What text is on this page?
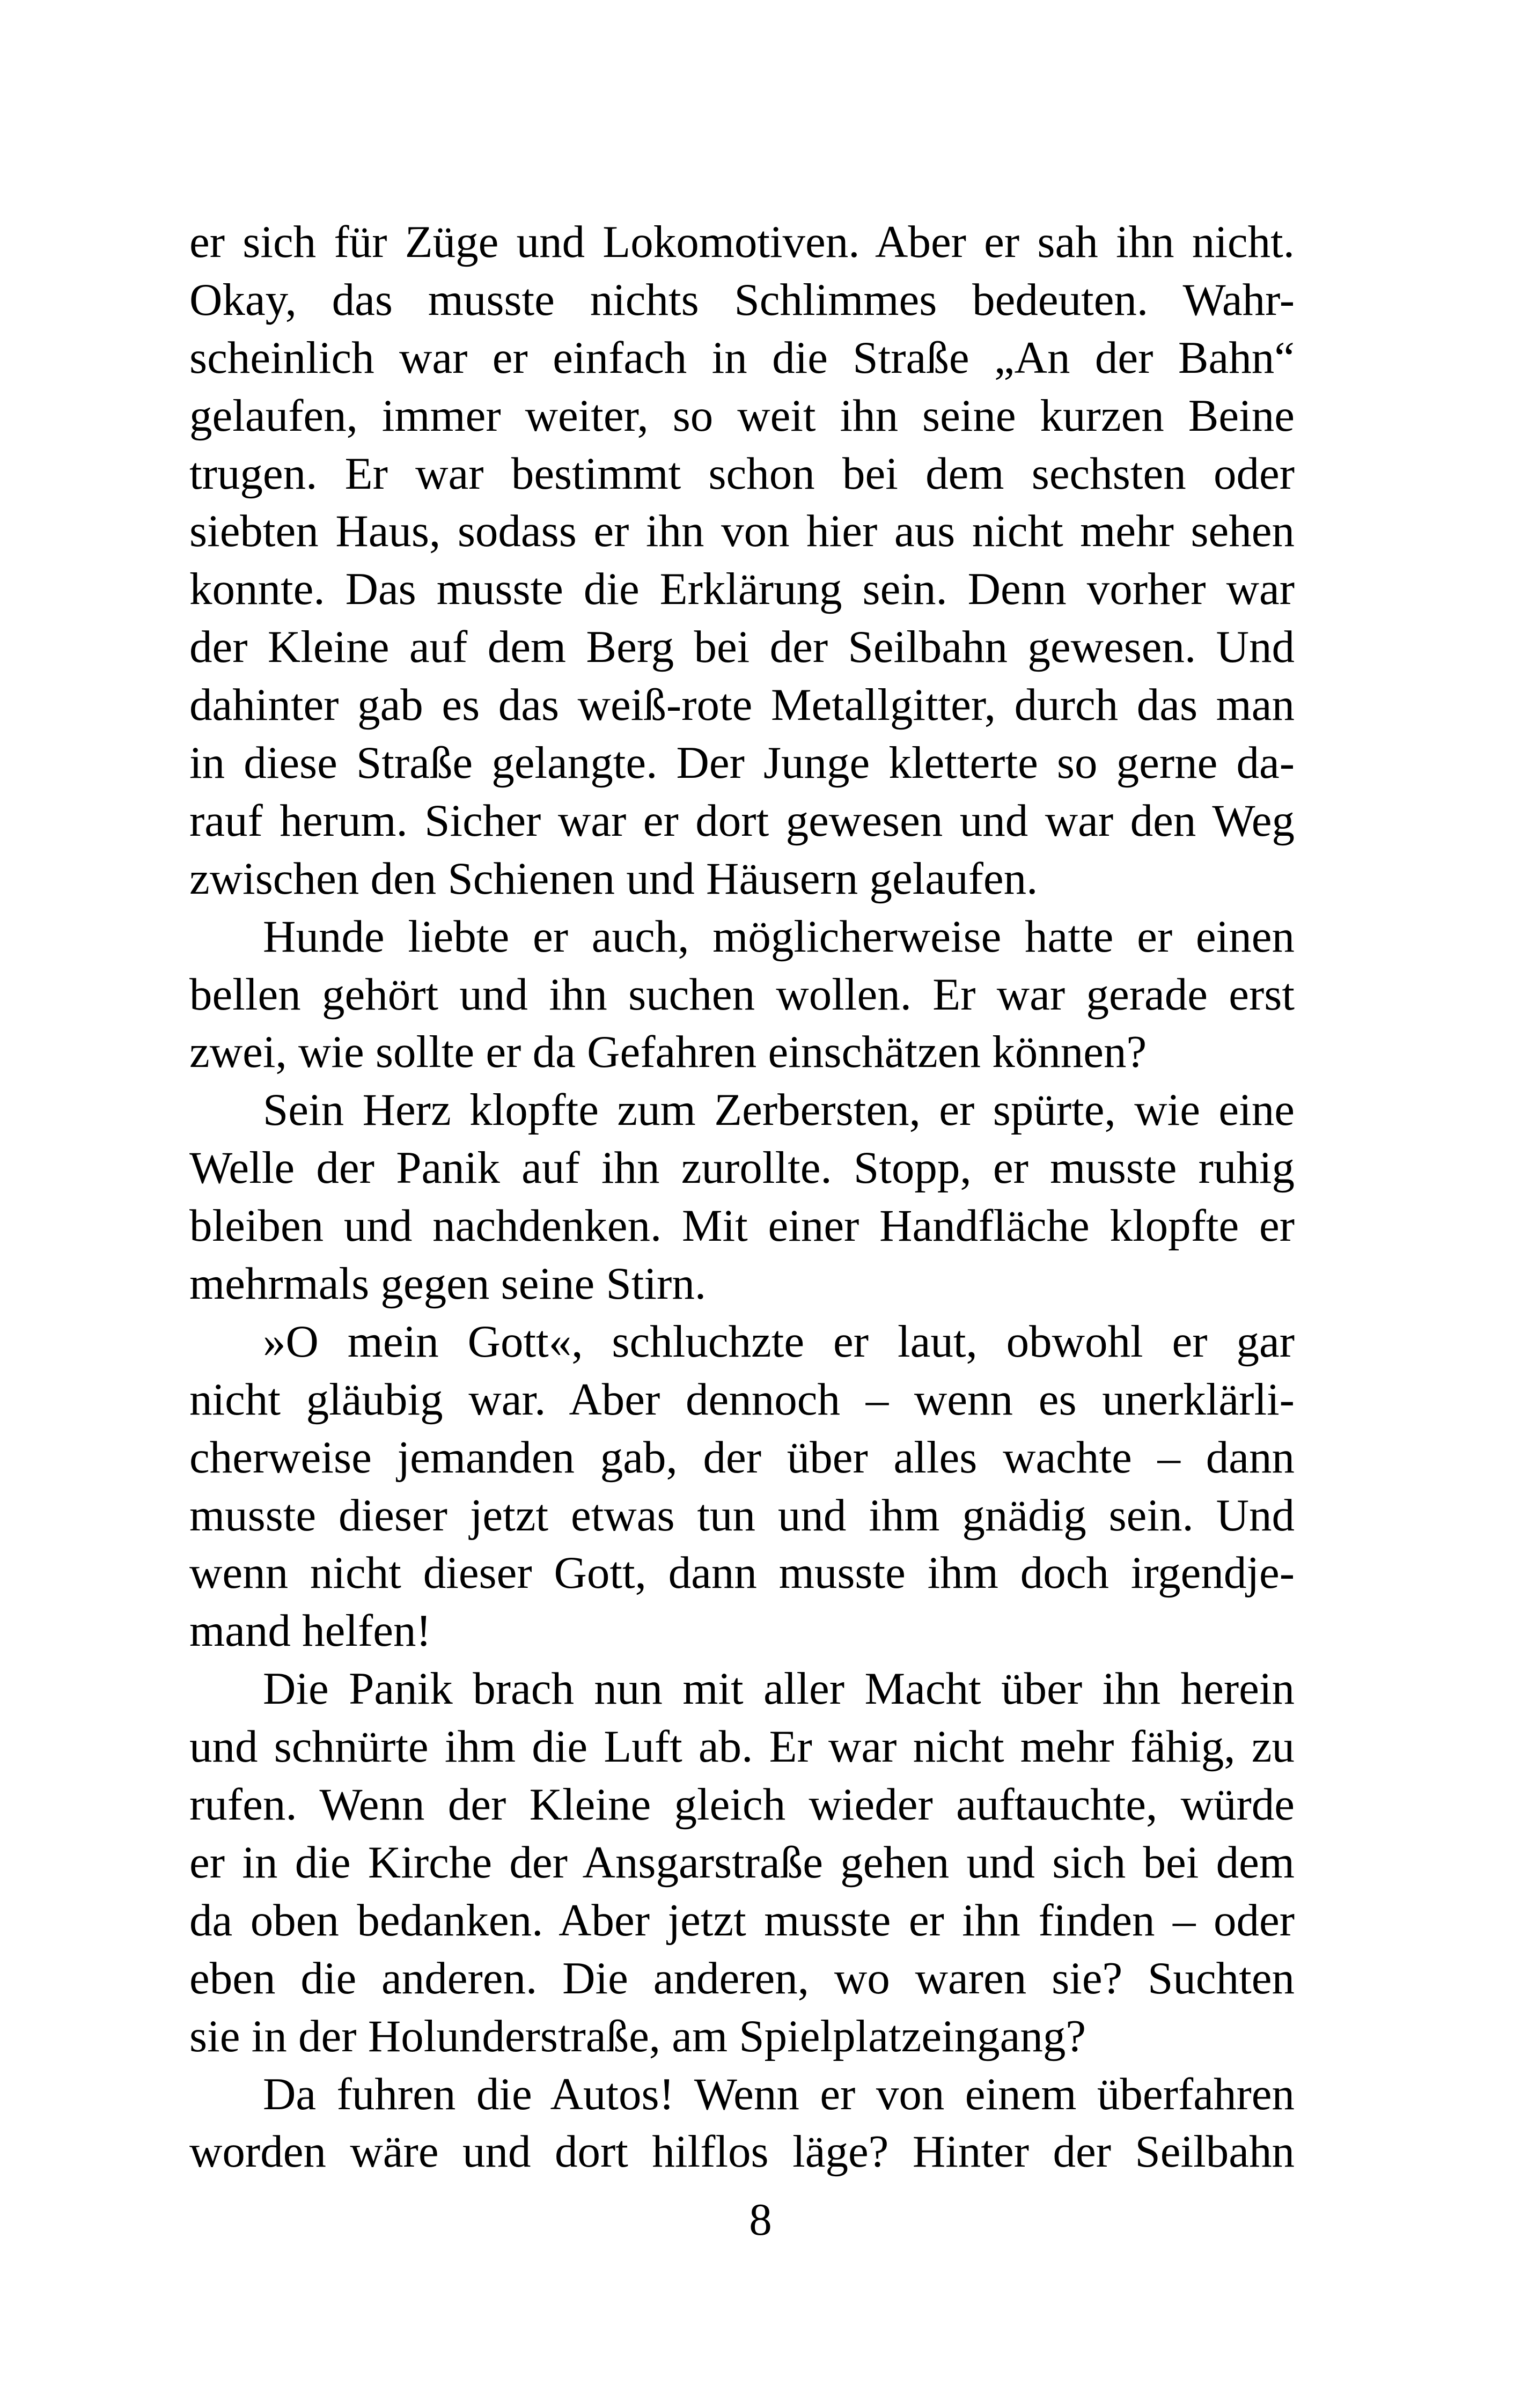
er sich für Züge und Lokomotiven. Aber er sah ihn nicht.
Okay, das musste nichts Schlimmes bedeuten. Wahr-
scheinlich war er einfach in die Straße „An der Bahn“
gelaufen, immer weiter, so weit ihn seine kurzen Beine
trugen. Er war bestimmt schon bei dem sechsten oder
siebten Haus, sodass er ihn von hier aus nicht mehr sehen
konnte. Das musste die Erklärung sein. Denn vorher war
der Kleine auf dem Berg bei der Seilbahn gewesen. Und
dahinter gab es das weiß-rote Metallgitter, durch das man
in diese Straße gelangte. Der Junge kletterte so gerne da-
rauf herum. Sicher war er dort gewesen und war den Weg
zwischen den Schienen und Häusern gelaufen.
Hunde liebte er auch, möglicherweise hatte er einen
bellen gehört und ihn suchen wollen. Er war gerade erst
zwei, wie sollte er da Gefahren einschätzen können?
Sein Herz klopfte zum Zerbersten, er spürte, wie eine
Welle der Panik auf ihn zurollte. Stopp, er musste ruhig
bleiben und nachdenken. Mit einer Handfläche klopfte er
mehrmals gegen seine Stirn.
»O mein Gott«, schluchzte er laut, obwohl er gar
nicht gläubig war. Aber dennoch – wenn es unerklärli-
cherweise jemanden gab, der über alles wachte – dann
musste dieser jetzt etwas tun und ihm gnädig sein. Und
wenn nicht dieser Gott, dann musste ihm doch irgendje-
mand helfen!
Die Panik brach nun mit aller Macht über ihn herein
und schnürte ihm die Luft ab. Er war nicht mehr fähig, zu
rufen. Wenn der Kleine gleich wieder auftauchte, würde
er in die Kirche der Ansgarstraße gehen und sich bei dem
da oben bedanken. Aber jetzt musste er ihn finden – oder
eben die anderen. Die anderen, wo waren sie? Suchten
sie in der Holunderstraße, am Spielplatzeingang?
Da fuhren die Autos! Wenn er von einem überfahren
worden wäre und dort hilflos läge? Hinter der Seilbahn
8
